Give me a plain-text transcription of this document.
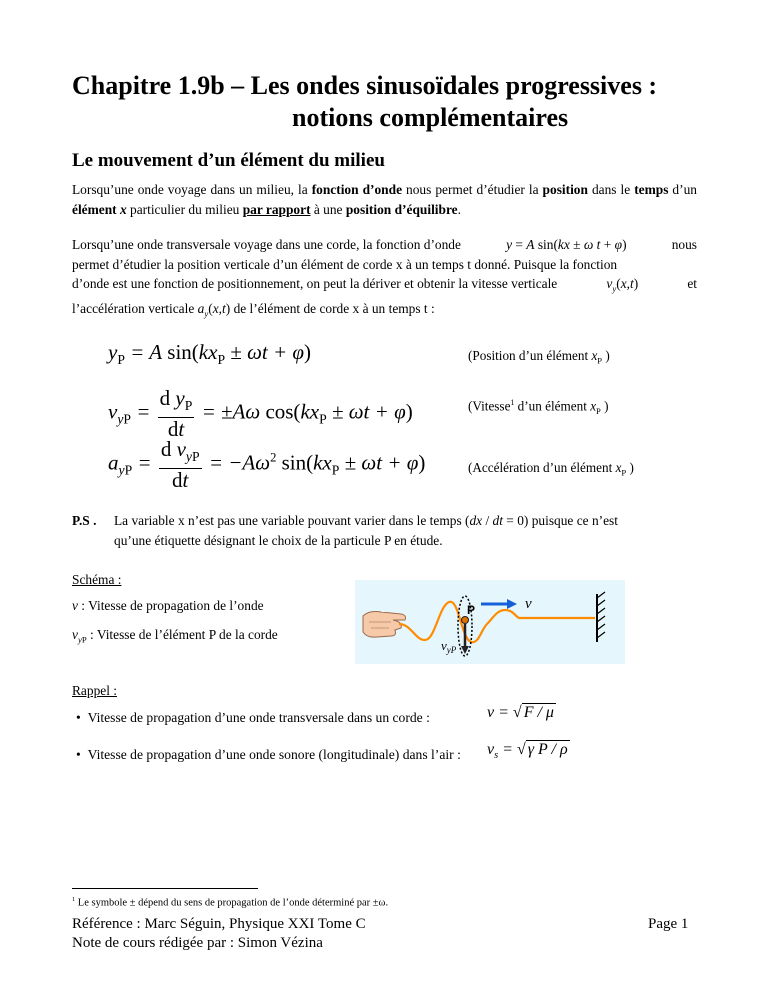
Chapitre 1.9b – Les ondes sinusoïdales progressives :
notions complémentaires
Le mouvement d’un élément du milieu
Lorsqu’une onde voyage dans un milieu, la fonction d’onde nous permet d’étudier la position dans le temps d’un élément x particulier du milieu par rapport à une position d’équilibre.
Lorsqu’une onde transversale voyage dans une corde, la fonction d’onde	y = A sin(kx ± ω t + φ)	nous
permet d’étudier la position verticale d’un élément de corde x à un temps t donné. Puisque la fonction
d’onde est une fonction de positionnement, on peut la dériver et obtenir la vitesse verticale	$v_y(x,t)$	et
l’accélération verticale $a_y(x,t)$ de l’élément de corde x à un temps t :
$y_P = A$ $\sin(kx_P \pm \omega t + \varphi)$	(Position d’un élément $x_P$ )
$v_{yP} = \frac{d y_P}{dt} = \pm A\omega$ $\cos(kx_P \pm \omega t + \varphi)$	(Vitesse$^1$ d’un élément $x_P$ )
$a_{yP} = \frac{d v_{yP}}{dt} = -A\omega^2$ $\sin(kx_P \pm \omega t + \varphi)$	(Accélération d’un élément $x_P$ )
P.S .	La variable x n’est pas une variable pouvant varier dans le temps (dx / dt = 0) puisque ce n’est
qu’une étiquette désignant le choix de la particule P en étude.
Schéma :
v : Vitesse de propagation de l’onde
$v_{yP}$ : Vitesse de l’élément P de la corde
P
$v_{yP}$
v
Rappel :
• Vitesse de propagation d’une onde transversale dans un corde :	v = √ F / μ
• Vitesse de propagation d’une onde sonore (longitudinale) dans l’air :	$v_s$ = √ γ P / ρ
$^1$ Le symbole ± dépend du sens de propagation de l’onde déterminé par ±ω.
Référence : Marc Séguin, Physique XXI Tome C
Note de cours rédigée par : Simon Vézina
Page 1
